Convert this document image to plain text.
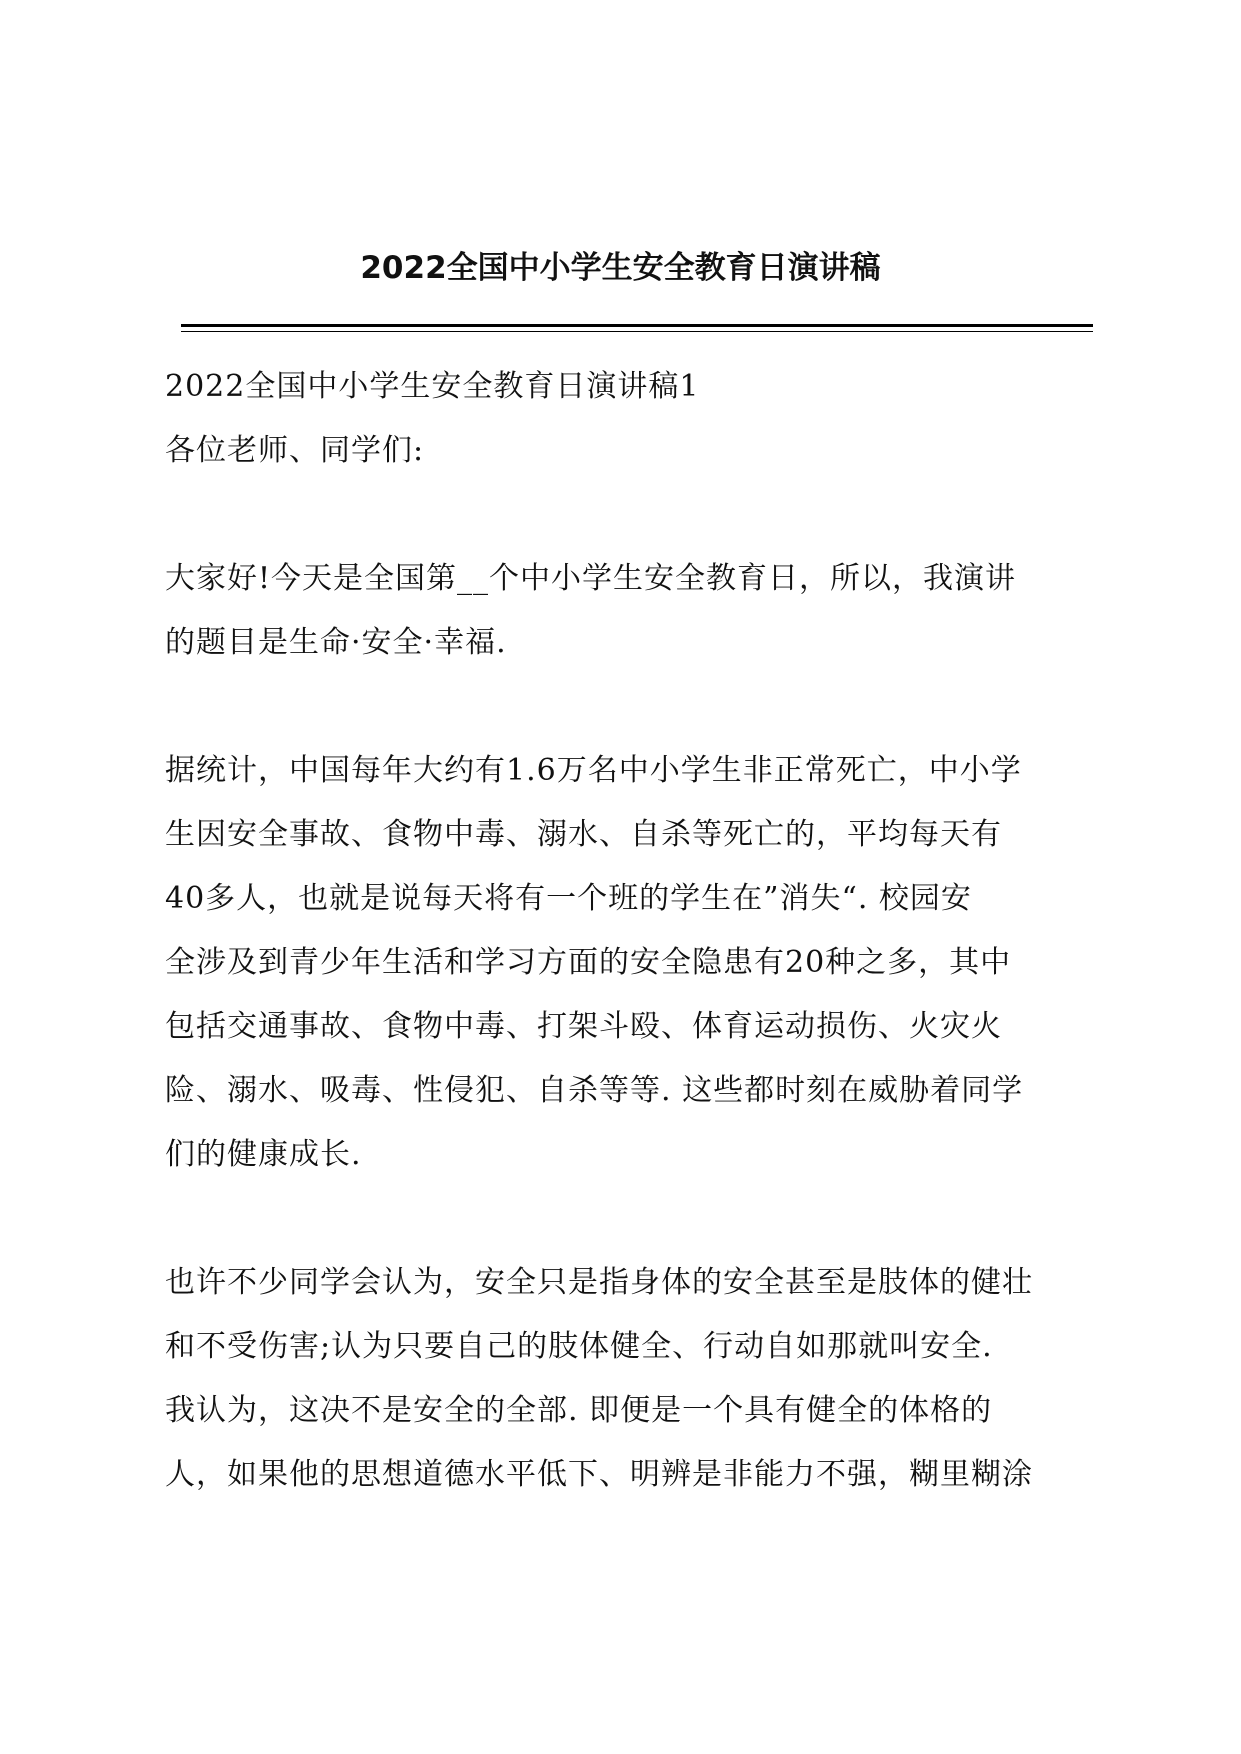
2022全国中小学生安全教育日演讲稿

2022全国中小学生安全教育日演讲稿1

各位老师、同学们:

大家好!今天是全国第__个中小学生安全教育日，所以，我演讲

的题目是生命·安全·幸福.

据统计，中国每年大约有1.6万名中小学生非正常死亡，中小学

生因安全事故、食物中毒、溺水、自杀等死亡的，平均每天有

40多人，也就是说每天将有一个班的学生在”消失“. 校园安

全涉及到青少年生活和学习方面的安全隐患有20种之多，其中

包括交通事故、食物中毒、打架斗殴、体育运动损伤、火灾火

险、溺水、吸毒、性侵犯、自杀等等. 这些都时刻在威胁着同学

们的健康成长.

也许不少同学会认为，安全只是指身体的安全甚至是肢体的健壮

和不受伤害;认为只要自己的肢体健全、行动自如那就叫安全.

我认为，这决不是安全的全部. 即便是一个具有健全的体格的

人，如果他的思想道德水平低下、明辨是非能力不强，糊里糊涂
